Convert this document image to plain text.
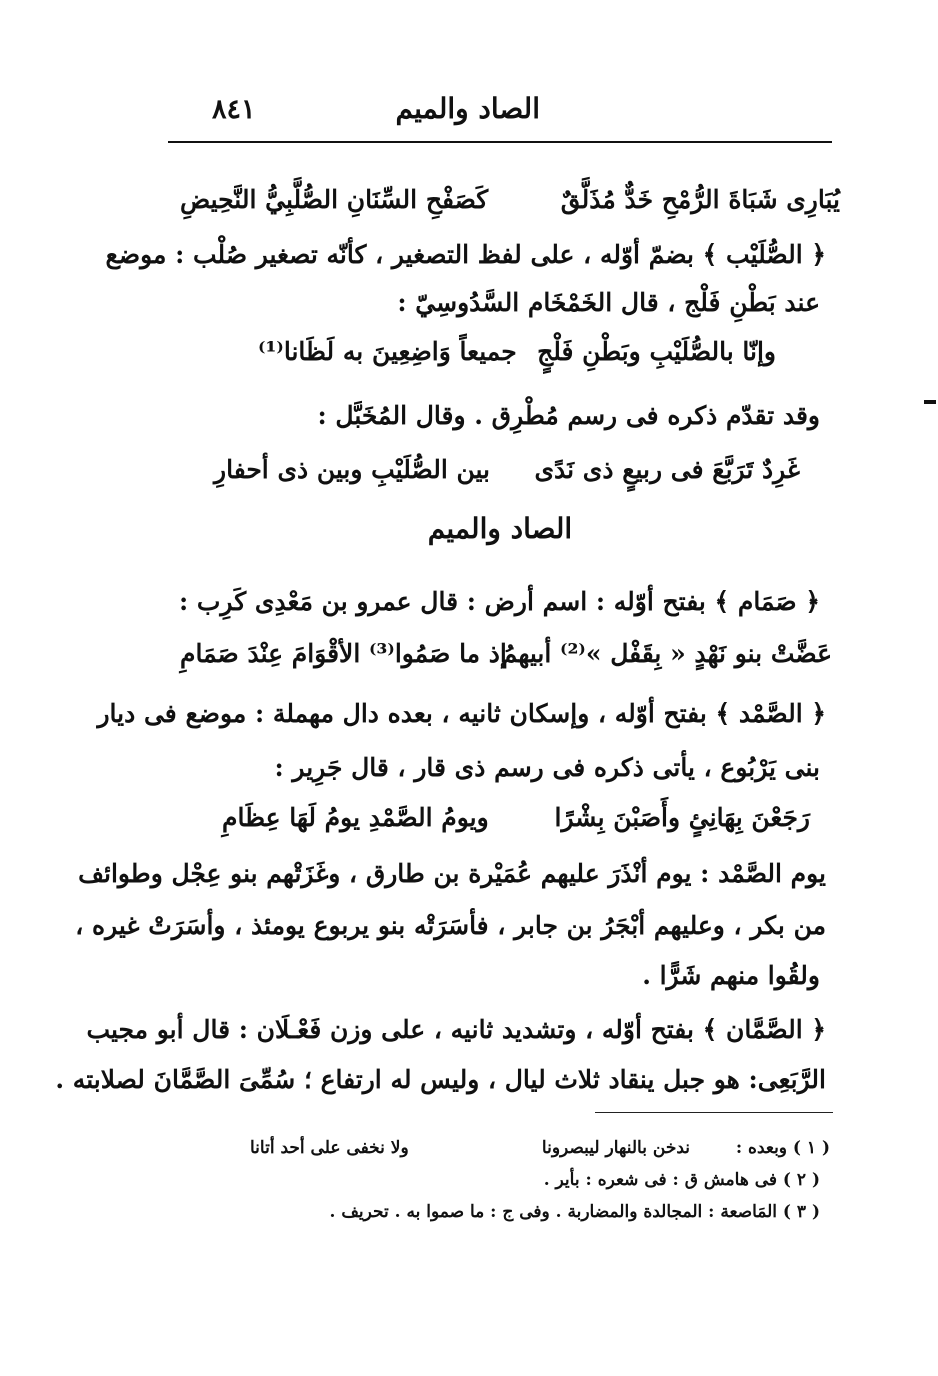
٨٤١	الصاد والميم
يُبَارِى شَبَاةَ الرُّمْحِ خَدٌّ مُذَلَّقٌ
كَصَفْحِ السِّنَانِ الصُّلَّبِيُّ النَّحِيضِ
﴿ الصُّلَيْب ﴾ بضمّ أوّله ، على لفظ التصغير ، كأنّه تصغير صُلْب : موضع
عند بَطْنِ فَلْج ، قال الخَمْخَام السَّدُوسِيّ :
وإنّا بالصُّلَيْبِ وبَطْنِ فَلْجٍ
جميعاً وَاضِعِينَ به لَظَانا⁽¹⁾
وقد تقدّم ذكره فى رسم مُطْرِق . وقال المُخَبَّل :
غَرِدٌ تَرَبَّعَ فى ربيعٍ ذى نَدًى
بين الصُّلَيْبِ وبين ذى أحفارِ
الصاد والميم
﴿ صَمَام ﴾ بفتح أوّله : اسم أرض : قال عمرو بن مَعْدِى كَرِب :
عَضَّتْ بنو نَهْدٍ « بِقَفْل »⁽²⁾ أبيهمُ
إذ ما صَمُوا⁽³⁾ الأقْوَامَ عِنْدَ صَمَامِ
﴿ الصَّمْد ﴾ بفتح أوّله ، وإسكان ثانيه ، بعده دال مهملة : موضع فى ديار
بنى يَرْبُوع ، يأتى ذكره فى رسم ذى قار ، قال جَرِير :
رَجَعْنَ بِهَانِئٍ وأَصَبْنَ بِشْرًا
ويومُ الصَّمْدِ يومُ لَهَا عِظَامِ
يوم الصَّمْد : يوم أنْذَرَ عليهم عُمَيْرة بن طارق ، وغَزَتْهم بنو عِجْل وطوائف
من بكر ، وعليهم أبْجَرُ بن جابر ، فأسَرَتْه بنو يربوع يومئذ ، وأسَرَتْ غيره ،
ولقُوا منهم شَرًّا .
﴿ الصَّمَّان ﴾ بفتح أوّله ، وتشديد ثانيه ، على وزن فَعْـلَان : قال أبو مجيب
الرَّبَعِى: هو جبل ينقاد ثلاث ليال ، وليس له ارتفاع ؛ سُمِّىَ الصَّمَّانَ لصلابته .
( ١ ) وبعده :
ندخن بالنهار ليبصرونا
ولا نخفى على أحد أتانا
( ٢ ) فى هامش ق : فى شعره : بأير .
( ٣ ) المَاصعة : المجالدة والمضاربة . وفى ج : ما صموا به . تحريف .
